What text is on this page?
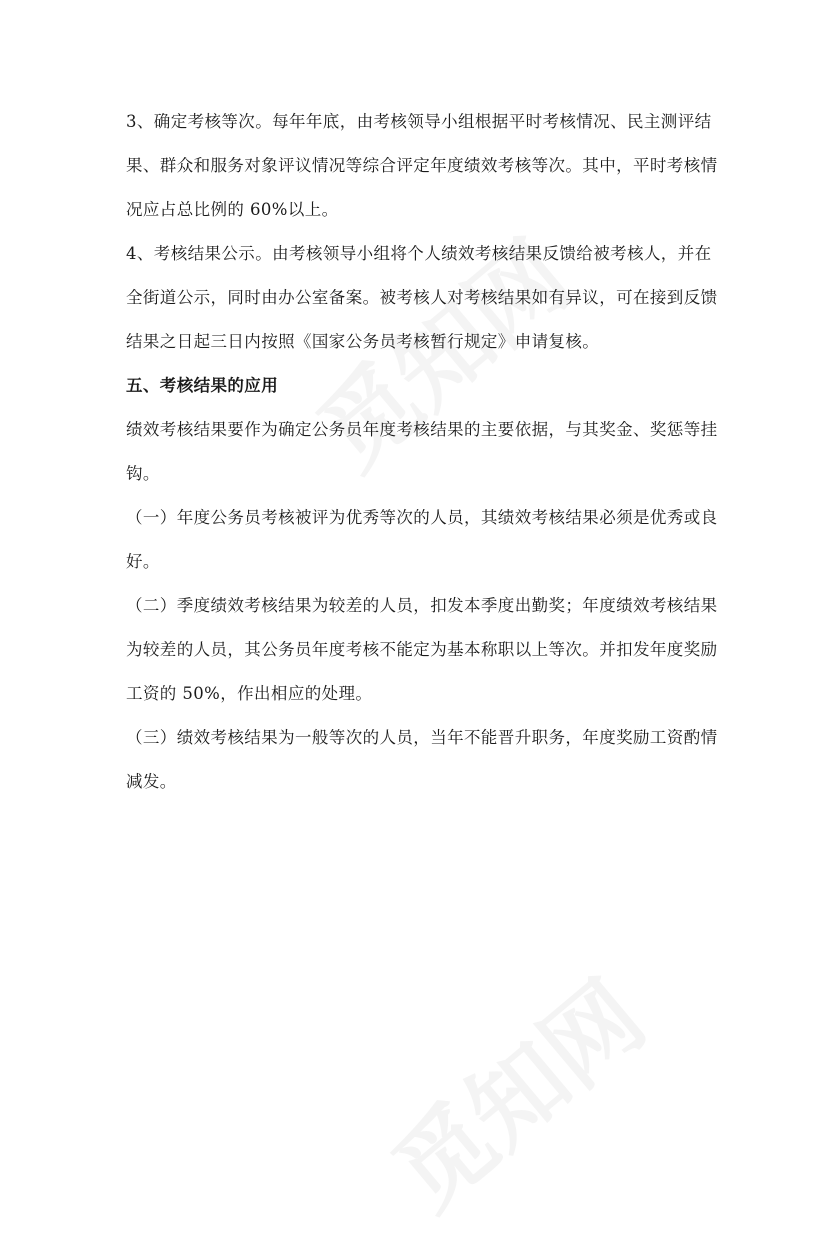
3、确定考核等次。每年年底，由考核领导小组根据平时考核情况、民主测评结
果、群众和服务对象评议情况等综合评定年度绩效考核等次。其中，平时考核情
况应占总比例的 60%以上。
4、考核结果公示。由考核领导小组将个人绩效考核结果反馈给被考核人，并在
全街道公示，同时由办公室备案。被考核人对考核结果如有异议，可在接到反馈
结果之日起三日内按照《国家公务员考核暂行规定》申请复核。
五、考核结果的应用
绩效考核结果要作为确定公务员年度考核结果的主要依据，与其奖金、奖惩等挂
钩。
（一）年度公务员考核被评为优秀等次的人员，其绩效考核结果必须是优秀或良
好。
（二）季度绩效考核结果为较差的人员，扣发本季度出勤奖；年度绩效考核结果
为较差的人员，其公务员年度考核不能定为基本称职以上等次。并扣发年度奖励
工资的 50%，作出相应的处理。
（三）绩效考核结果为一般等次的人员，当年不能晋升职务，年度奖励工资酌情
减发。
